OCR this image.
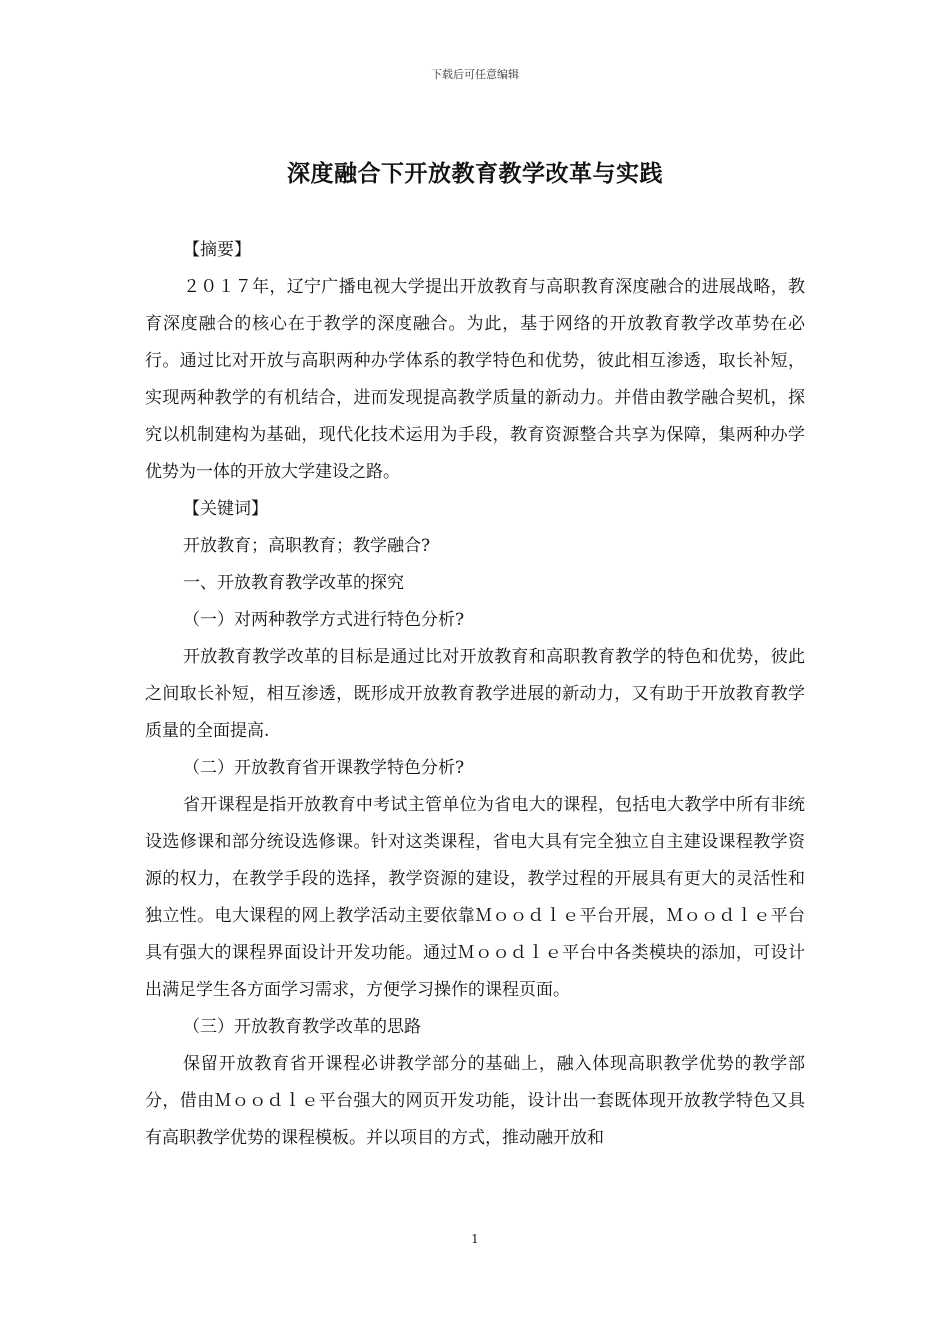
下载后可任意编辑
深度融合下开放教育教学改革与实践

【摘要】

２０１７年，辽宁广播电视大学提出开放教育与高职教育深度融合的进展战略，教育深度融合的核心在于教学的深度融合。为此，基于网络的开放教育教学改革势在必行。通过比对开放与高职两种办学体系的教学特色和优势，彼此相互渗透，取长补短，实现两种教学的有机结合，进而发现提高教学质量的新动力。并借由教学融合契机，探究以机制建构为基础，现代化技术运用为手段，教育资源整合共享为保障，集两种办学优势为一体的开放大学建设之路。

【关键词】

开放教育；高职教育；教学融合?

一、开放教育教学改革的探究

（一）对两种教学方式进行特色分析?

开放教育教学改革的目标是通过比对开放教育和高职教育教学的特色和优势，彼此之间取长补短，相互渗透，既形成开放教育教学进展的新动力，又有助于开放教育教学质量的全面提高.

（二）开放教育省开课教学特色分析?

省开课程是指开放教育中考试主管单位为省电大的课程，包括电大教学中所有非统设选修课和部分统设选修课。针对这类课程，省电大具有完全独立自主建设课程教学资源的权力，在教学手段的选择，教学资源的建设，教学过程的开展具有更大的灵活性和独立性。电大课程的网上教学活动主要依靠Ｍｏｏｄｌｅ平台开展，Ｍｏｏｄｌｅ平台具有强大的课程界面设计开发功能。通过Ｍｏｏｄｌｅ平台中各类模块的添加，可设计出满足学生各方面学习需求，方便学习操作的课程页面。

（三）开放教育教学改革的思路

保留开放教育省开课程必讲教学部分的基础上，融入体现高职教学优势的教学部分，借由Ｍｏｏｄｌｅ平台强大的网页开发功能，设计出一套既体现开放教学特色又具有高职教学优势的课程模板。并以项目的方式，推动融开放和

1
